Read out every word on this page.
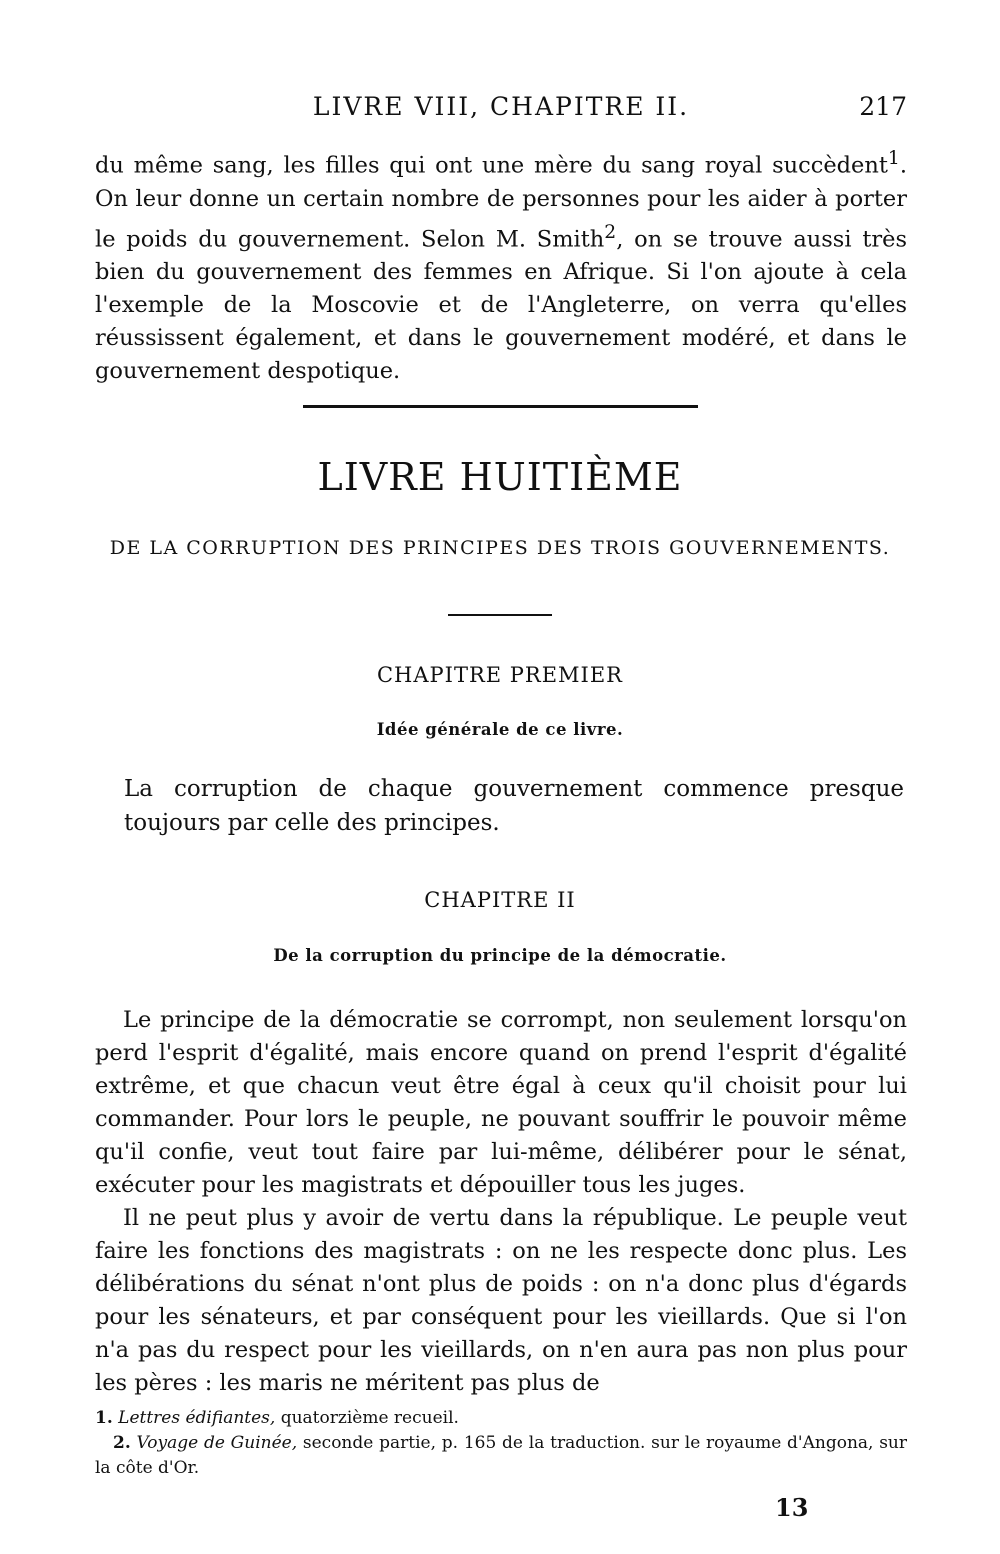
LIVRE VIII, CHAPITRE II.	217

du même sang, les filles qui ont une mère du sang royal succèdent$^1$. On leur donne un certain nombre de personnes pour les aider à porter le poids du gouvernement. Selon M. Smith$^2$, on se trouve aussi très bien du gouvernement des femmes en Afrique. Si l'on ajoute à cela l'exemple de la Moscovie et de l'Angleterre, on verra qu'elles réussissent également, et dans le gouvernement modéré, et dans le gouvernement despotique.

LIVRE HUITIÈME
DE LA CORRUPTION DES PRINCIPES DES TROIS GOUVERNEMENTS.
CHAPITRE PREMIER
Idée générale de ce livre.

La corruption de chaque gouvernement commence presque toujours par celle des principes.

CHAPITRE II
De la corruption du principe de la démocratie.

Le principe de la démocratie se corrompt, non seulement lorsqu'on perd l'esprit d'égalité, mais encore quand on prend l'esprit d'égalité extrême, et que chacun veut être égal à ceux qu'il choisit pour lui commander. Pour lors le peuple, ne pouvant souffrir le pouvoir même qu'il confie, veut tout faire par lui-même, délibérer pour le sénat, exécuter pour les magistrats et dépouiller tous les juges.

Il ne peut plus y avoir de vertu dans la république. Le peuple veut faire les fonctions des magistrats : on ne les respecte donc plus. Les délibérations du sénat n'ont plus de poids : on n'a donc plus d'égards pour les sénateurs, et par conséquent pour les vieillards. Que si l'on n'a pas du respect pour les vieillards, on n'en aura pas non plus pour les pères : les maris ne méritent pas plus de

1. Lettres édifiantes, quatorzième recueil.

2. Voyage de Guinée, seconde partie, p. 165 de la traduction. sur le royaume d'Angona, sur la côte d'Or.

13
